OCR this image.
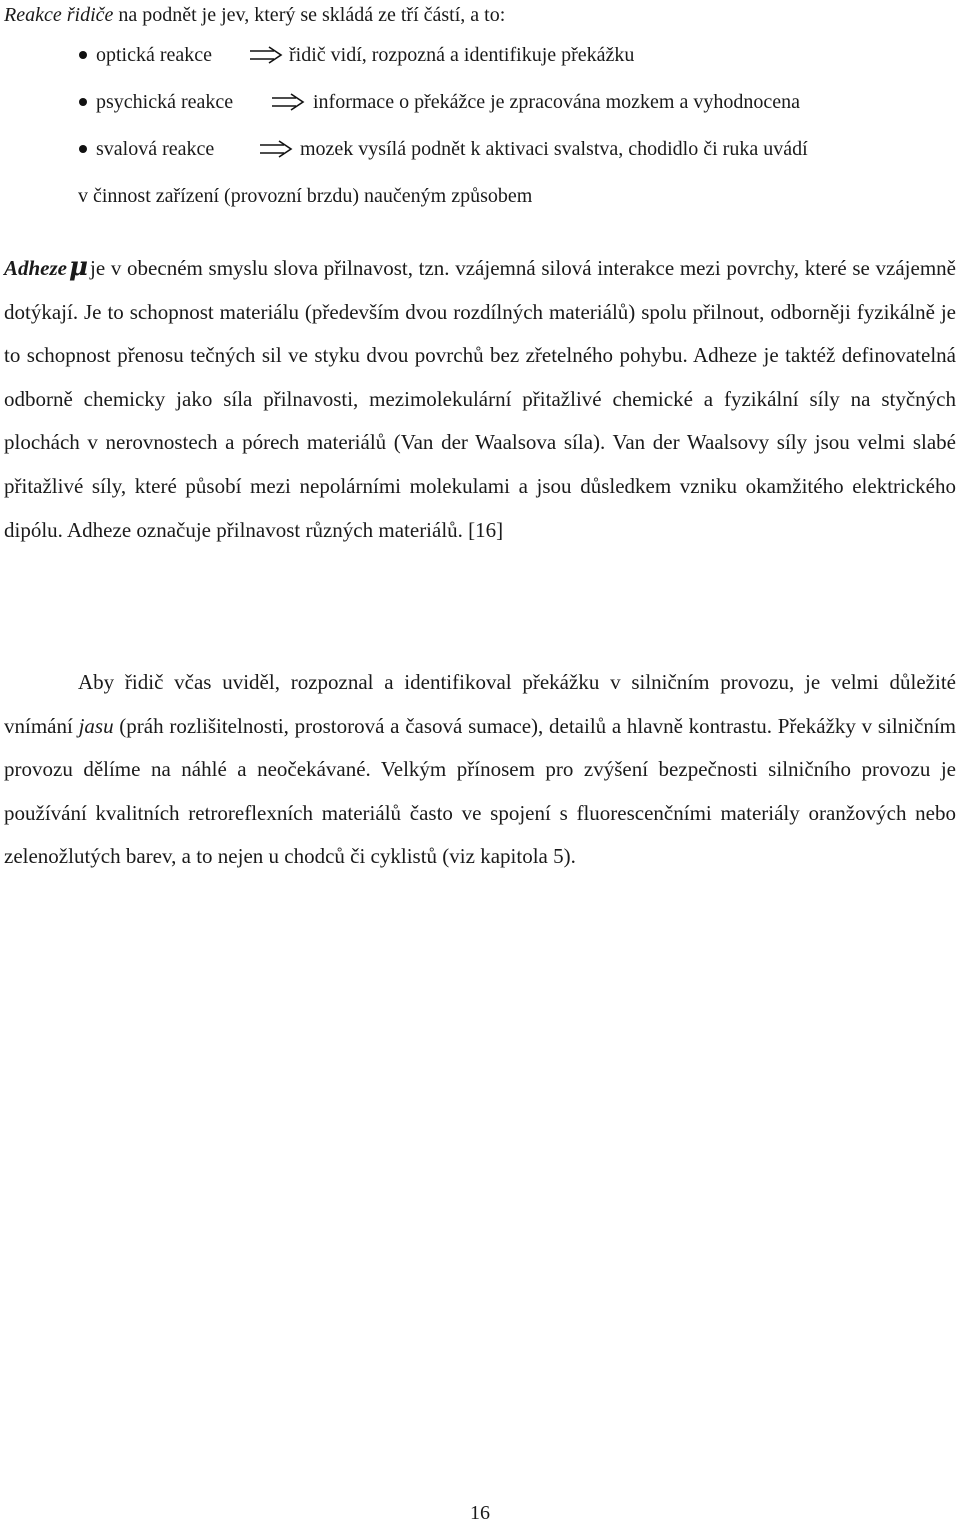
Reakce řidiče na podnět je jev, který se skládá ze tří částí, a to:
optická reakce	řidič vidí, rozpozná a identifikuje překážku
psychická reakce	informace o překážce je zpracována mozkem a vyhodnocena
svalová reakce	mozek vysílá podnět k aktivaci svalstva, chodidlo či ruka uvádí
v činnost zařízení (provozní brzdu) naučeným způsobem

Adhezeμje v obecném smyslu slova přilnavost, tzn. vzájemná silová interakce mezi povrchy, které se vzájemně dotýkají. Je to schopnost materiálu (především dvou rozdílných materiálů) spolu přilnout, odborněji fyzikálně je to schopnost přenosu tečných sil ve styku dvou povrchů bez zřetelného pohybu. Adheze je taktéž definovatelná odborně chemicky jako síla přilnavosti, mezimolekulární přitažlivé chemické a fyzikální síly na styčných plochách v nerovnostech a pórech materiálů (Van der Waalsova síla). Van der Waalsovy síly jsou velmi slabé přitažlivé síly, které působí mezi nepolárními molekulami a jsou důsledkem vzniku okamžitého elektrického dipólu. Adheze označuje přilnavost různých materiálů. [16]

Aby řidič včas uviděl, rozpoznal a identifikoval překážku v silničním provozu, je velmi důležité vnímání jasu (práh rozlišitelnosti, prostorová a časová sumace), detailů a hlavně kontrastu. Překážky v silničním provozu dělíme na náhlé a neočekávané. Velkým přínosem pro zvýšení bezpečnosti silničního provozu je používání kvalitních retroreflexních materiálů často ve spojení s fluorescenčními materiály oranžových nebo zelenožlutých barev, a to nejen u chodců či cyklistů (viz kapitola 5).

16
